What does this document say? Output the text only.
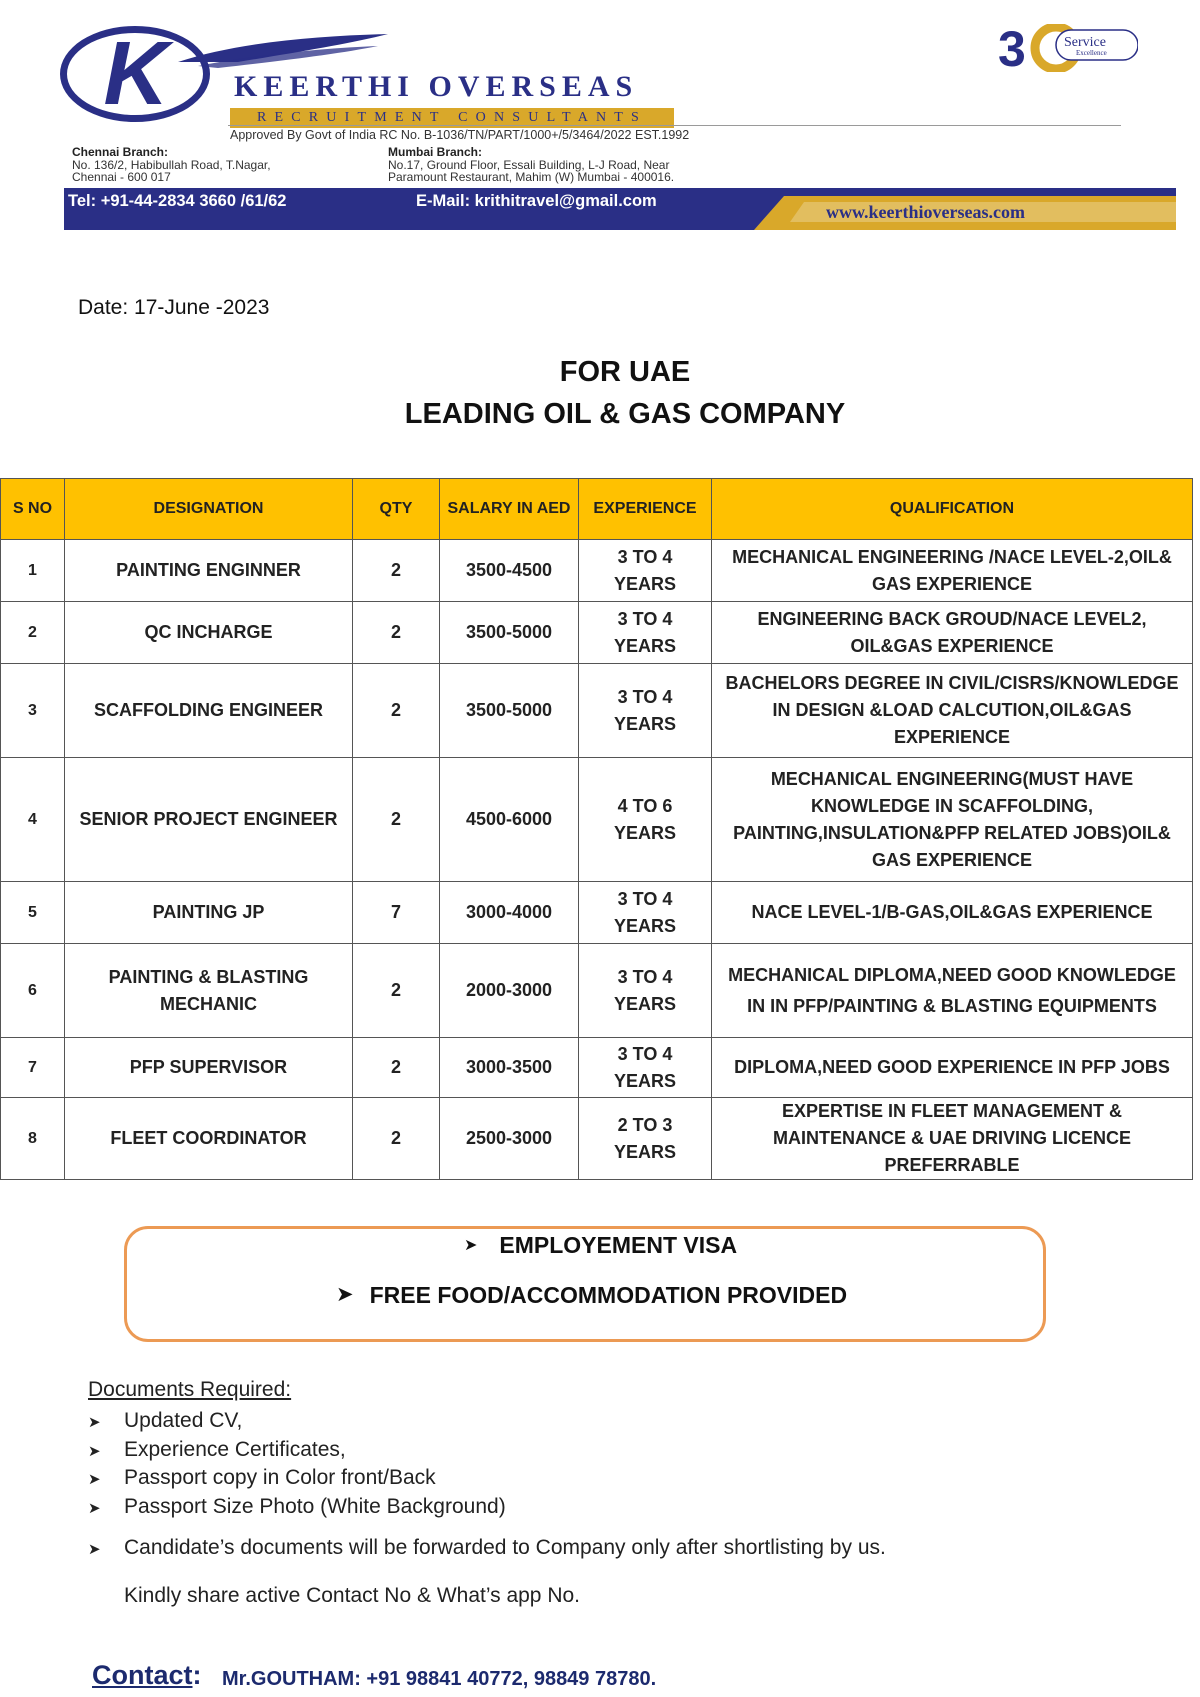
K	KEERTHI OVERSEAS
RECRUITMENT CONSULTANTS
3	Service
Excellence
Approved By Govt of India RC No. B-1036/TN/PART/1000+/5/3464/2022 EST.1992
Chennai Branch:
No. 136/2, Habibullah Road, T.Nagar,
Chennai - 600 017
Mumbai Branch:
No.17, Ground Floor, Essali Building, L-J Road, Near
Paramount Restaurant, Mahim (W) Mumbai - 400016.
Tel: +91-44-2834 3660 /61/62	E-Mail: krithitravel@gmail.com
www.keerthioverseas.com
Date: 17-June -2023
FOR UAE
LEADING OIL & GAS COMPANY
S NO	DESIGNATION	QTY	SALARY IN AED	EXPERIENCE	QUALIFICATION
1	PAINTING ENGINNER	2	3500-4500	3 TO 4 YEARS	MECHANICAL ENGINEERING /NACE LEVEL-2,OIL& GAS EXPERIENCE
2	QC INCHARGE	2	3500-5000	3 TO 4 YEARS	ENGINEERING BACK GROUD/NACE LEVEL2, OIL&GAS EXPERIENCE
3	SCAFFOLDING ENGINEER	2	3500-5000	3 TO 4 YEARS	BACHELORS DEGREE IN CIVIL/CISRS/KNOWLEDGE IN DESIGN &LOAD CALCUTION,OIL&GAS EXPERIENCE
4	SENIOR PROJECT ENGINEER	2	4500-6000	4 TO 6 YEARS	MECHANICAL ENGINEERING(MUST HAVE KNOWLEDGE IN SCAFFOLDING, PAINTING,INSULATION&PFP RELATED JOBS)OIL& GAS EXPERIENCE
5	PAINTING JP	7	3000-4000	3 TO 4 YEARS	NACE LEVEL-1/B-GAS,OIL&GAS EXPERIENCE
6	PAINTING & BLASTING MECHANIC	2	2000-3000	3 TO 4 YEARS	MECHANICAL DIPLOMA,NEED GOOD KNOWLEDGE IN IN PFP/PAINTING & BLASTING EQUIPMENTS
7	PFP SUPERVISOR	2	3000-3500	3 TO 4 YEARS	DIPLOMA,NEED GOOD EXPERIENCE IN PFP JOBS
8	FLEET COORDINATOR	2	2500-3000	2 TO 3 YEARS	EXPERTISE IN FLEET MANAGEMENT & MAINTENANCE & UAE DRIVING LICENCE PREFERRABLE
➤ EMPLOYEMENT VISA
➤ FREE FOOD/ACCOMMODATION PROVIDED
Documents Required:
➤ Updated CV,
➤ Experience Certificates,
➤ Passport copy in Color front/Back
➤ Passport Size Photo (White Background)
➤ Candidate’s documents will be forwarded to Company only after shortlisting by us.
Kindly share active Contact No & What’s app No.
Contact: Mr.GOUTHAM: +91 98841 40772, 98849 78780.
